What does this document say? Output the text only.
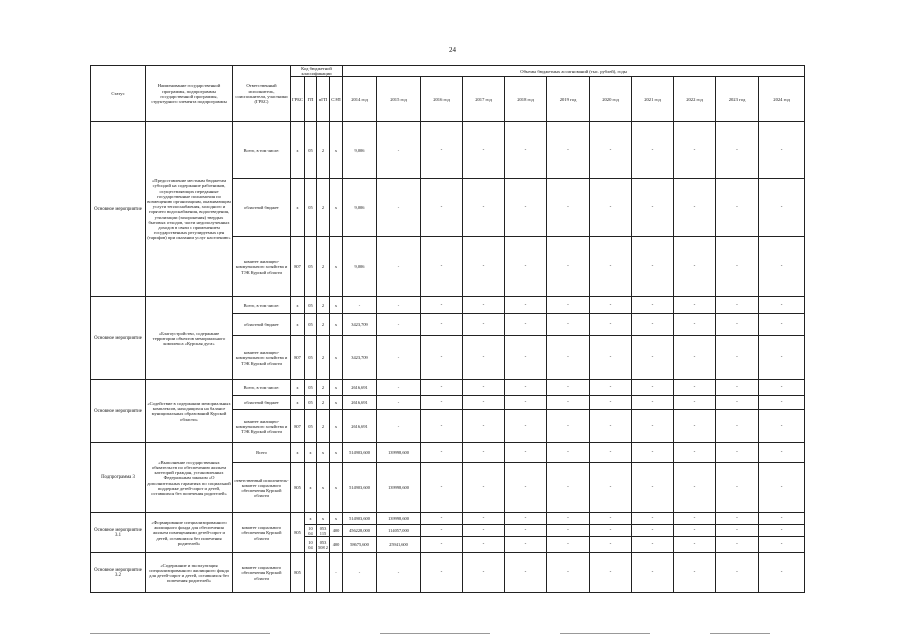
24
Статус	Наименование государственной программы, подпрограммы государственной программы, структурного элемента подпрограммы	Ответственный исполнитель, соисполнители, участники (ГРБС)	Код бюджетной классификации				Объемы бюджетных ассигнований (тыс. рублей), годы										
			ГРБС	ГП	пГП	СЭП	2014 год	2015 год	2016 год	2017 год	2018 год	2019 год	2020 год	2021 год	2022 год	2023 год	2024 год
Основное мероприятие	«Предоставление местным бюджетам субсидий на содержание работников, осуществляющих переданные государственные полномочия по возмещению организациям, оказывающим услуги теплоснабжения, холодного и горячего водоснабжения, водоотведения, утилизации (захоронения) твердых бытовых отходов, части недополученных доходов в связи с применением государственных регулируемых цен (тарифов) при оказании услуг населению»	Всего, в том числе:	х	05	2	х	9,006	-	-	-	-	-	-	-	-	-	-
		областной бюджет	х	05	2	х	9,006	-	-	-	-	-	-	-	-	-	-
		комитет жилищно-коммунального хозяйства и ТЭК Курской области	807	05	2	х	9,006	-	-	-	-	-	-	-	-	-	-
Основное мероприятие	«Благоустройство, содержание территории объектов мемориального комплекса «Курская дуга»	Всего, в том числе:	х	05	2	х	-	-	-	-	-	-	-	-	-	-	-
		областной бюджет	х	05	2	х	3423,709	-	-	-	-	-	-	-	-	-	-
		комитет жилищно-коммунального хозяйства и ТЭК Курской области	807	05	2	х	3423,709	-	-	-	-	-	-	-	-	-	-
Основное мероприятие	«Содействие в содержании мемориальных комплексов, находящихся на балансе муниципальных образований Курской области»	Всего, в том числе:	х	05	2	х	2616,691	-	-	-	-	-	-	-	-	-	-
		областной бюджет	х	05	2	х	2616,691	-	-	-	-	-	-	-	-	-	-
		комитет жилищно-коммунального хозяйства и ТЭК Курской области	807	05	2	х	2616,691	-	-	-	-	-	-	-	-	-	-
Подпрограмма 3	«Выполнение государственных обязательств по обеспечению жильем категорий граждан, установленных Федеральным законом «О дополнительных гарантиях по социальной поддержке детей-сирот и детей, оставшихся без попечения родителей»	Всего	х	х	х	х	514903,600	139998,600	-	-	-	-	-	-	-	-	-
		ответственный исполнитель- комитет социального обеспечения Курской области	805	х	х	х	514903,600	139998,600	-	-	-	-	-	-	-	-	-
Основное мероприятие 3.1	«Формирование специализированного жилищного фонда для обеспечения жильем помещениями детей-сирот и детей, оставшихся без попечения родителей»	комитет социального обеспечения Курской области	805	х	х	х	514903,600	139998,600	-	-	-	-	-	-	-	-	-
				10 04	053 115	400	456228,000	114057,000	-	-	-	-	-	-	-	-	-
				10 04	053 508 2	400	58675,600	25941,600	-	-	-	-	-	-	-	-	-
Основное мероприятие 3.2	«Содержание и эксплуатация специализированного жилищного фонда для детей-сирот и детей, оставшихся без попечения родителей»	комитет социального обеспечения Курской области	805			-	-	-	-	-	-	-	-	-	-	-	-
